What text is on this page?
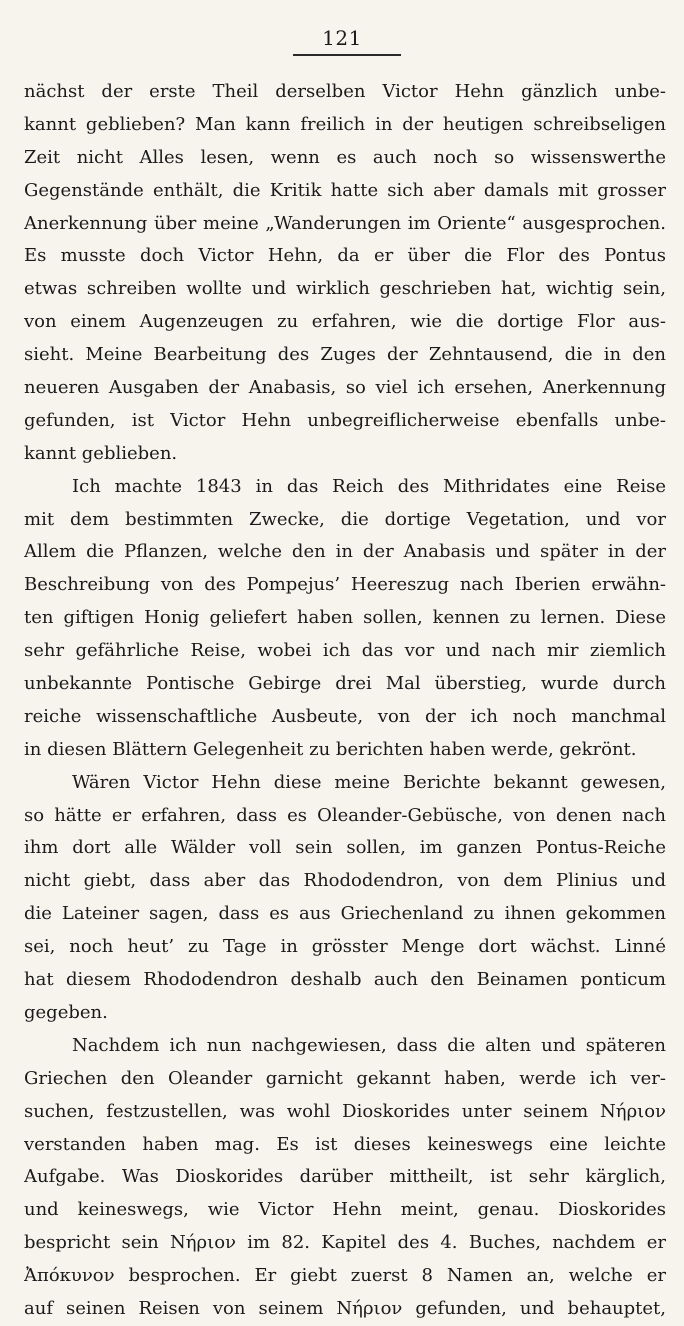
121
nächst der erste Theil derselben Victor Hehn gänzlich unbe-
kannt geblieben? Man kann freilich in der heutigen schreibseligen
Zeit nicht Alles lesen, wenn es auch noch so wissenswerthe
Gegenstände enthält, die Kritik hatte sich aber damals mit grosser
Anerkennung über meine „Wanderungen im Oriente“ ausgesprochen.
Es musste doch Victor Hehn, da er über die Flor des Pontus
etwas schreiben wollte und wirklich geschrieben hat, wichtig sein,
von einem Augenzeugen zu erfahren, wie die dortige Flor aus-
sieht. Meine Bearbeitung des Zuges der Zehntausend, die in den
neueren Ausgaben der Anabasis, so viel ich ersehen, Anerkennung
gefunden, ist Victor Hehn unbegreiflicherweise ebenfalls unbe-
kannt geblieben.
Ich machte 1843 in das Reich des Mithridates eine Reise
mit dem bestimmten Zwecke, die dortige Vegetation, und vor
Allem die Pflanzen, welche den in der Anabasis und später in der
Beschreibung von des Pompejus’ Heereszug nach Iberien erwähn-
ten giftigen Honig geliefert haben sollen, kennen zu lernen. Diese
sehr gefährliche Reise, wobei ich das vor und nach mir ziemlich
unbekannte Pontische Gebirge drei Mal überstieg, wurde durch
reiche wissenschaftliche Ausbeute, von der ich noch manchmal
in diesen Blättern Gelegenheit zu berichten haben werde, gekrönt.
Wären Victor Hehn diese meine Berichte bekannt gewesen,
so hätte er erfahren, dass es Oleander-Gebüsche, von denen nach
ihm dort alle Wälder voll sein sollen, im ganzen Pontus-Reiche
nicht giebt, dass aber das Rhododendron, von dem Plinius und
die Lateiner sagen, dass es aus Griechenland zu ihnen gekommen
sei, noch heut’ zu Tage in grösster Menge dort wächst. Linné
hat diesem Rhododendron deshalb auch den Beinamen ponticum
gegeben.
Nachdem ich nun nachgewiesen, dass die alten und späteren
Griechen den Oleander garnicht gekannt haben, werde ich ver-
suchen, festzustellen, was wohl Dioskorides unter seinem Νήριον
verstanden haben mag. Es ist dieses keineswegs eine leichte
Aufgabe. Was Dioskorides darüber mittheilt, ist sehr kärglich,
und keineswegs, wie Victor Hehn meint, genau. Dioskorides
bespricht sein Νήριον im 82. Kapitel des 4. Buches, nachdem er
Ἀπόκυνον besprochen. Er giebt zuerst 8 Namen an, welche er
auf seinen Reisen von seinem Νήριον gefunden, und behauptet,
